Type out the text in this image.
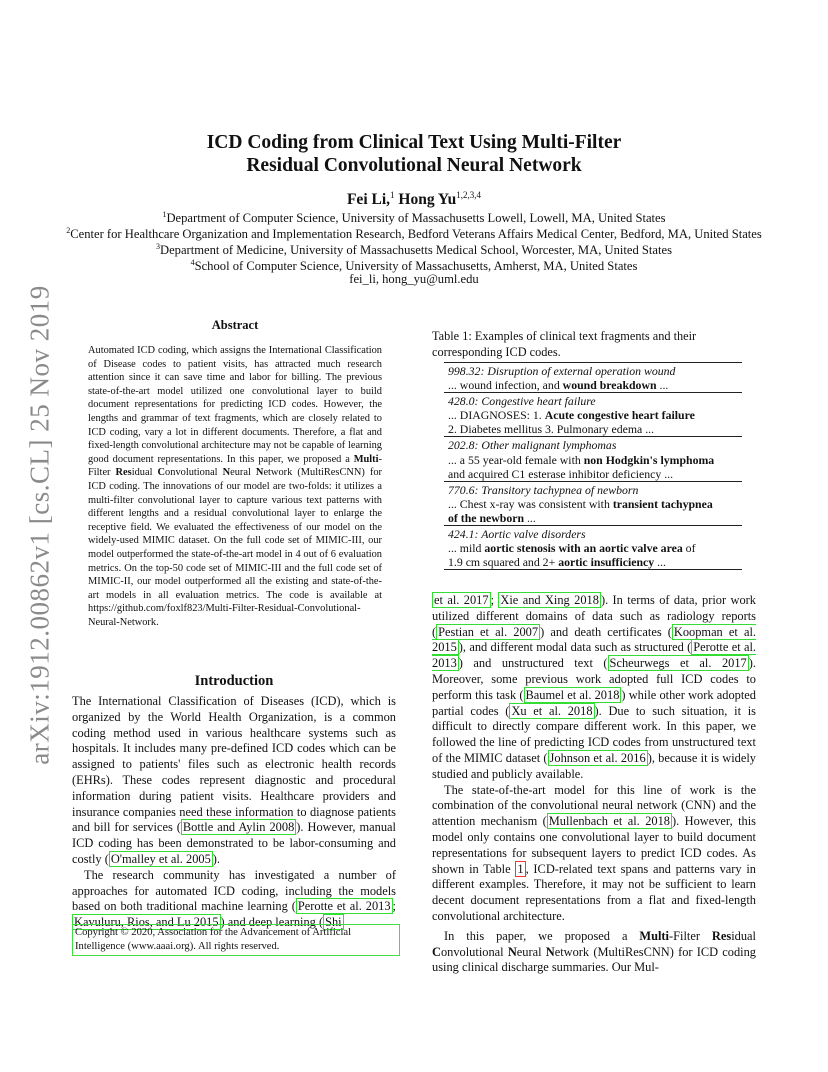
arXiv:1912.00862v1 [cs.CL] 25 Nov 2019
ICD Coding from Clinical Text Using Multi-Filter
Residual Convolutional Neural Network
Fei Li,$^1$ Hong Yu$^{1,2,3,4}$
$^1$Department of Computer Science, University of Massachusetts Lowell, Lowell, MA, United States
$^2$Center for Healthcare Organization and Implementation Research, Bedford Veterans Affairs Medical Center, Bedford, MA, United States
$^3$Department of Medicine, University of Massachusetts Medical School, Worcester, MA, United States
$^4$School of Computer Science, University of Massachusetts, Amherst, MA, United States
fei_li, hong_yu@uml.edu
Abstract

Automated ICD coding, which assigns the International Classification of Disease codes to patient visits, has attracted much research attention since it can save time and labor for billing. The previous state-of-the-art model utilized one convolutional layer to build document representations for predicting ICD codes. However, the lengths and grammar of text fragments, which are closely related to ICD coding, vary a lot in different documents. Therefore, a flat and fixed-length convolutional architecture may not be capable of learning good document representations. In this paper, we proposed a Multi-Filter Residual Convolutional Neural Network (MultiResCNN) for ICD coding. The innovations of our model are two-folds: it utilizes a multi-filter convolutional layer to capture various text patterns with different lengths and a residual convolutional layer to enlarge the receptive field. We evaluated the effectiveness of our model on the widely-used MIMIC dataset. On the full code set of MIMIC-III, our model outperformed the state-of-the-art model in 4 out of 6 evaluation metrics. On the top-50 code set of MIMIC-III and the full code set of MIMIC-II, our model outperformed all the existing and state-of-the-art models in all evaluation metrics. The code is available at https://github.com/foxlf823/Multi-Filter-Residual-Convolutional-Neural-Network.

Introduction

The International Classification of Diseases (ICD), which is organized by the World Health Organization, is a common coding method used in various healthcare systems such as hospitals. It includes many pre-defined ICD codes which can be assigned to patients' files such as electronic health records (EHRs). These codes represent diagnostic and procedural information during patient visits. Healthcare providers and insurance companies need these information to diagnose patients and bill for services ( Bottle and Aylin 2008 ). However, manual ICD coding has been demonstrated to be labor-consuming and costly ( O'malley et al. 2005 ).

The research community has investigated a number of approaches for automated ICD coding, including the models based on both traditional machine learning ( Perotte et al. 2013 ; Kavuluru, Rios, and Lu 2015 ) and deep learning ( Shi

Copyright © 2020, Association for the Advancement of Artificial Intelligence (www.aaai.org). All rights reserved.
Table 1: Examples of clinical text fragments and their corresponding ICD codes.
998.32: Disruption of external operation wound
... wound infection, and wound breakdown ...
428.0: Congestive heart failure
... DIAGNOSES: 1. Acute congestive heart failure
2. Diabetes mellitus 3. Pulmonary edema ...
202.8: Other malignant lymphomas
... a 55 year-old female with non Hodgkin's lymphoma
and acquired C1 esterase inhibitor deficiency ...
770.6: Transitory tachypnea of newborn
... Chest x-ray was consistent with transient tachypnea
of the newborn ...
424.1: Aortic valve disorders
... mild aortic stenosis with an aortic valve area of
1.9 cm squared and 2+ aortic insufficiency ...

et al. 2017 ; Xie and Xing 2018 ). In terms of data, prior work utilized different domains of data such as radiology reports ( Pestian et al. 2007 ) and death certificates ( Koopman et al. 2015 ), and different modal data such as structured ( Perotte et al. 2013 ) and unstructured text ( Scheurwegs et al. 2017 ). Moreover, some previous work adopted full ICD codes to perform this task ( Baumel et al. 2018 ) while other work adopted partial codes ( Xu et al. 2018 ). Due to such situation, it is difficult to directly compare different work. In this paper, we followed the line of predicting ICD codes from unstructured text of the MIMIC dataset ( Johnson et al. 2016 ), because it is widely studied and publicly available.

The state-of-the-art model for this line of work is the combination of the convolutional neural network (CNN) and the attention mechanism ( Mullenbach et al. 2018 ). However, this model only contains one convolutional layer to build document representations for subsequent layers to predict ICD codes. As shown in Table 1 , ICD-related text spans and patterns vary in different examples. Therefore, it may not be sufficient to learn decent document representations from a flat and fixed-length convolutional architecture.

In this paper, we proposed a Multi-Filter Residual Convolutional Neural Network (MultiResCNN) for ICD coding using clinical discharge summaries. Our Mul-
